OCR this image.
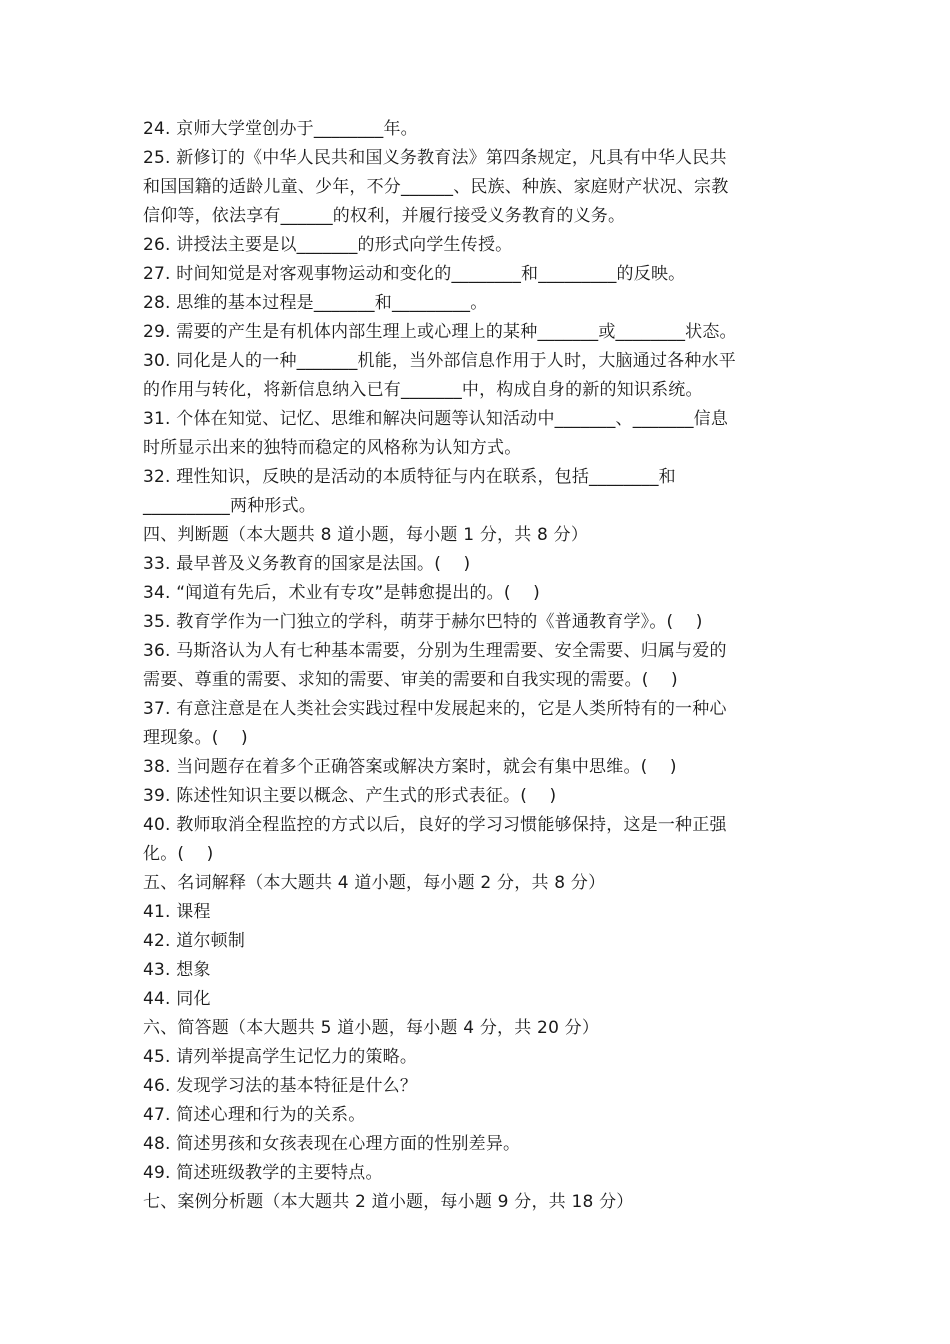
24. 京师大学堂创办于________年。
25. 新修订的《中华人民共和国义务教育法》第四条规定，凡具有中华人民共
和国国籍的适龄儿童、少年，不分______、民族、种族、家庭财产状况、宗教
信仰等，依法享有______的权利，并履行接受义务教育的义务。
26. 讲授法主要是以_______的形式向学生传授。
27. 时间知觉是对客观事物运动和变化的________和_________的反映。
28. 思维的基本过程是_______和_________。
29. 需要的产生是有机体内部生理上或心理上的某种_______或________状态。
30. 同化是人的一种_______机能，当外部信息作用于人时，大脑通过各种水平
的作用与转化，将新信息纳入已有_______中，构成自身的新的知识系统。
31. 个体在知觉、记忆、思维和解决问题等认知活动中_______、_______信息
时所显示出来的独特而稳定的风格称为认知方式。
32. 理性知识，反映的是活动的本质特征与内在联系，包括________和
__________两种形式。
四、判断题（本大题共 8 道小题，每小题 1 分，共 8 分）
33. 最早普及义务教育的国家是法国。(    )
34. “闻道有先后，术业有专攻”是韩愈提出的。(    )
35. 教育学作为一门独立的学科，萌芽于赫尔巴特的《普通教育学》。(    )
36. 马斯洛认为人有七种基本需要，分别为生理需要、安全需要、归属与爱的
需要、尊重的需要、求知的需要、审美的需要和自我实现的需要。(    )
37. 有意注意是在人类社会实践过程中发展起来的，它是人类所特有的一种心
理现象。(    )
38. 当问题存在着多个正确答案或解决方案时，就会有集中思维。(    )
39. 陈述性知识主要以概念、产生式的形式表征。(    )
40. 教师取消全程监控的方式以后，良好的学习习惯能够保持，这是一种正强
化。(    )
五、名词解释（本大题共 4 道小题，每小题 2 分，共 8 分）
41. 课程
42. 道尔顿制
43. 想象
44. 同化
六、简答题（本大题共 5 道小题，每小题 4 分，共 20 分）
45. 请列举提高学生记忆力的策略。
46. 发现学习法的基本特征是什么？
47. 简述心理和行为的关系。
48. 简述男孩和女孩表现在心理方面的性别差异。
49. 简述班级教学的主要特点。
七、案例分析题（本大题共 2 道小题，每小题 9 分，共 18 分）
